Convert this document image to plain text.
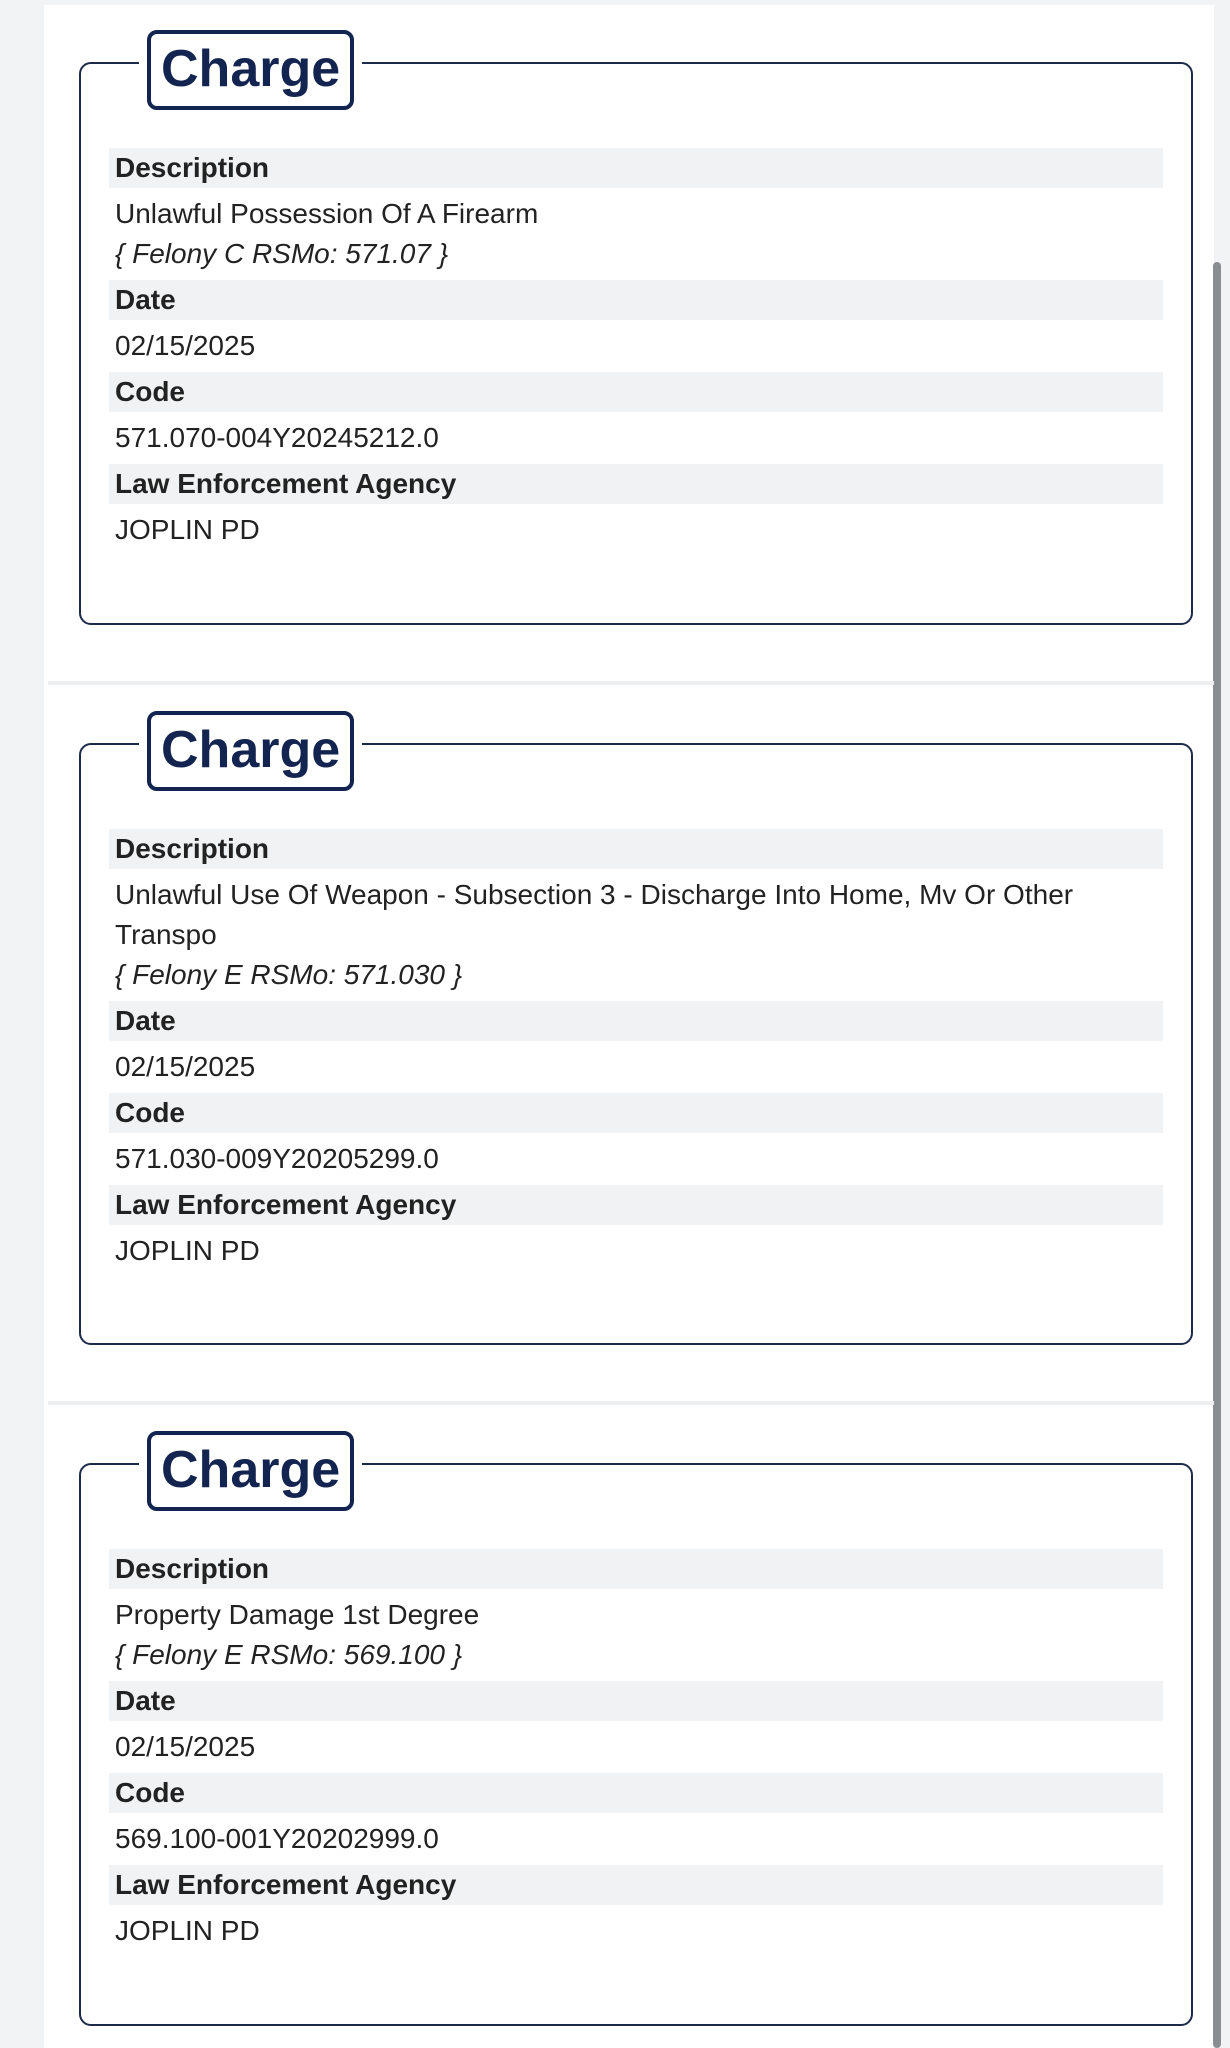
Charge
Description
Unlawful Possession Of A Firearm
{ Felony C RSMo: 571.07 }
Date
02/15/2025
Code
571.070-004Y20245212.0
Law Enforcement Agency
JOPLIN PD
Charge
Description
Unlawful Use Of Weapon - Subsection 3 - Discharge Into Home, Mv Or Other Transpo
{ Felony E RSMo: 571.030 }
Date
02/15/2025
Code
571.030-009Y20205299.0
Law Enforcement Agency
JOPLIN PD
Charge
Description
Property Damage 1st Degree
{ Felony E RSMo: 569.100 }
Date
02/15/2025
Code
569.100-001Y20202999.0
Law Enforcement Agency
JOPLIN PD
